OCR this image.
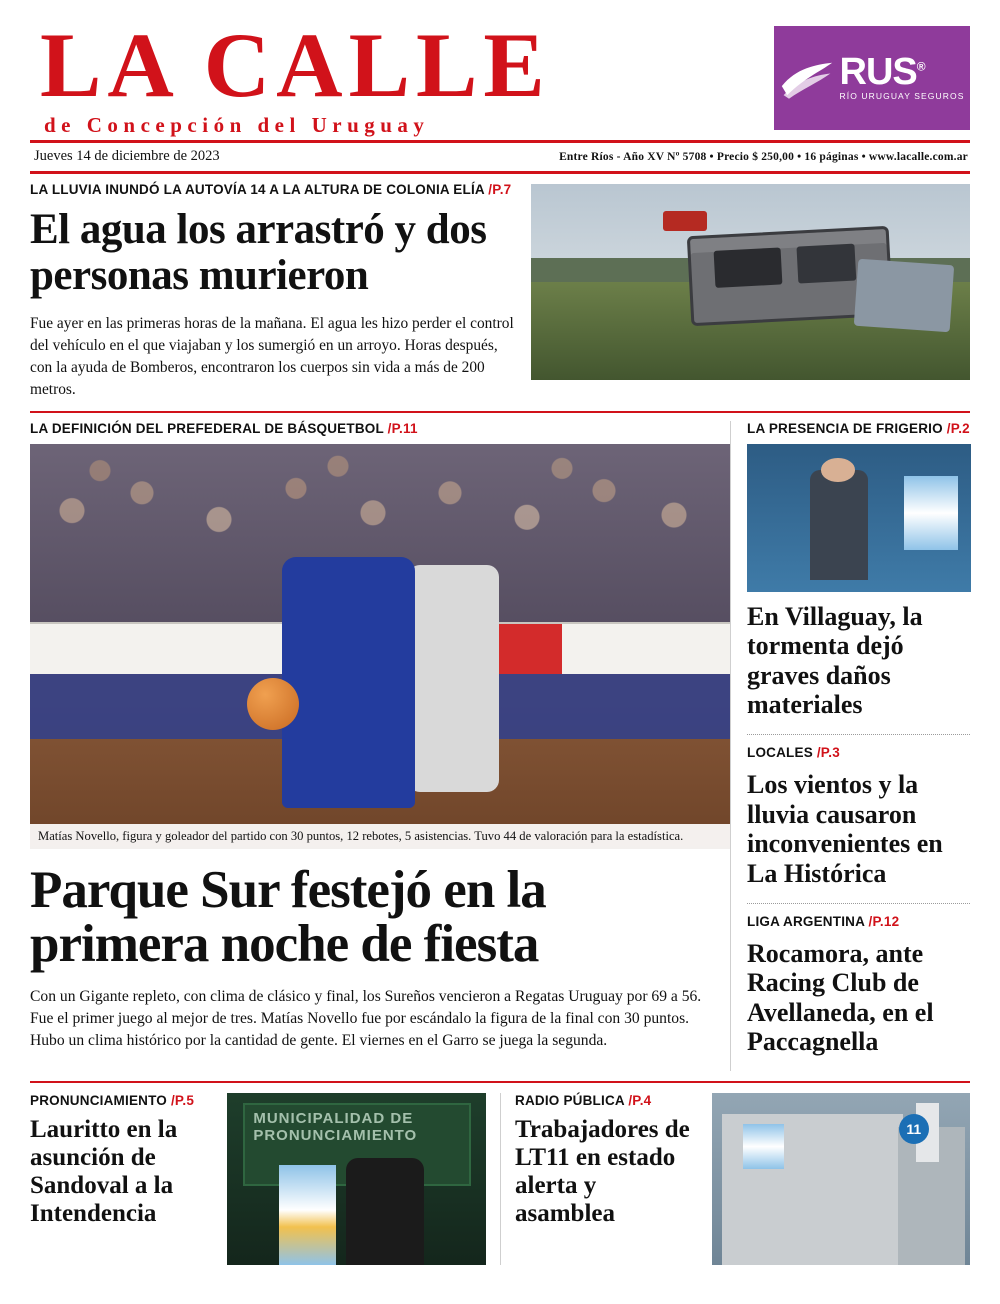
LA CALLE
de Concepción del Uruguay
RUS®
RÍO URUGUAY SEGUROS
Jueves 14 de diciembre de 2023	Entre Ríos - Año XV Nº 5708 • Precio $ 250,00 • 16 páginas • www.lacalle.com.ar
LA LLUVIA INUNDÓ LA AUTOVÍA 14 A LA ALTURA DE COLONIA ELÍA /P.7
El agua los arrastró y dos personas murieron
Fue ayer en las primeras horas de la mañana. El agua les hizo perder el control del vehículo en el que viajaban y los sumergió en un arroyo. Horas después, con la ayuda de Bomberos, encontraron los cuerpos sin vida a más de 200 metros.
LA DEFINICIÓN DEL PREFEDERAL DE BÁSQUETBOL /P.11
Matías Novello, figura y goleador del partido con 30 puntos, 12 rebotes, 5 asistencias. Tuvo 44 de valoración para la estadística.
Parque Sur festejó en la primera noche de fiesta
Con un Gigante repleto, con clima de clásico y final, los Sureños vencieron a Regatas Uruguay por 69 a 56. Fue el primer juego al mejor de tres. Matías Novello fue por escándalo la figura de la final con 30 puntos. Hubo un clima histórico por la cantidad de gente. El viernes en el Garro se juega la segunda.
LA PRESENCIA DE FRIGERIO /P.2
En Villaguay, la tormenta dejó graves daños materiales
LOCALES /P.3
Los vientos y la lluvia causaron inconvenientes en La Histórica
LIGA ARGENTINA /P.12
Rocamora, ante Racing Club de Avellaneda, en el Paccagnella
PRONUNCIAMIENTO /P.5
Lauritto en la asunción de Sandoval a la Intendencia
MUNICIPALIDAD DE PRONUNCIAMIENTO
RADIO PÚBLICA /P.4
Trabajadores de LT11 en estado alerta y asamblea
11
